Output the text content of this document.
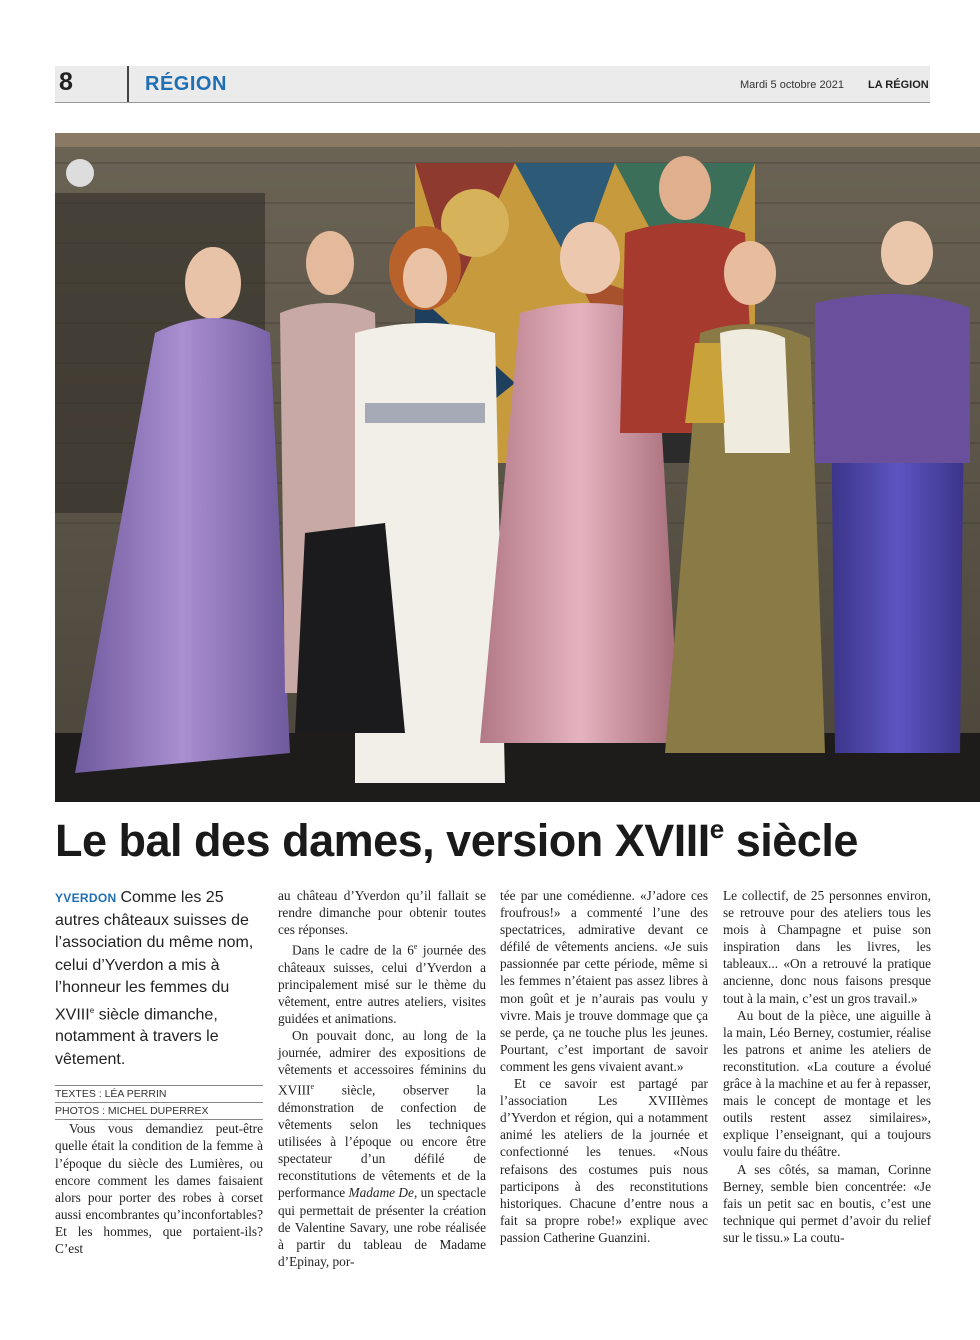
8	RÉGION	Mardi 5 octobre 2021 LA RÉGION
Le bal des dames, version XVIIIe siècle

YVERDON Comme les 25 autres châteaux suisses de l’association du même nom, celui d’Yverdon a mis à l’honneur les femmes du XVIIIe siècle dimanche, notamment à travers le vêtement.

TEXTES : LÉA PERRIN
PHOTOS : MICHEL DUPERREX

Vous vous demandiez peut-être quelle était la condition de la femme à l’époque du siècle des Lumières, ou encore comment les dames faisaient alors pour porter des robes à corset aussi encombrantes qu’inconfortables? Et les hommes, que portaient-ils? C’est

au château d’Yverdon qu’il fallait se rendre dimanche pour obtenir toutes ces réponses.

Dans le cadre de la 6e journée des châteaux suisses, celui d’Yverdon a principalement misé sur le thème du vêtement, entre autres ateliers, visites guidées et animations.

On pouvait donc, au long de la journée, admirer des expositions de vêtements et accessoires féminins du XVIIIe siècle, observer la démonstration de confection de vêtements selon les techniques utilisées à l’époque ou encore être spectateur d’un défilé de reconstitutions de vêtements et de la performance Madame De, un spectacle qui permettait de présenter la création de Valentine Savary, une robe réalisée à partir du tableau de Madame d’Epinay, por-

tée par une comédienne. «J’adore ces froufrous!» a commenté l’une des spectatrices, admirative devant ce défilé de vêtements anciens. «Je suis passionnée par cette période, même si les femmes n’étaient pas assez libres à mon goût et je n’aurais pas voulu y vivre. Mais je trouve dommage que ça se perde, ça ne touche plus les jeunes. Pourtant, c’est important de savoir comment les gens vivaient avant.»

Et ce savoir est partagé par l’association Les XVIIIèmes d’Yverdon et région, qui a notamment animé les ateliers de la journée et confectionné les tenues. «Nous refaisons des costumes puis nous participons à des reconstitutions historiques. Chacune d’entre nous a fait sa propre robe!» explique avec passion Catherine Guanzini.

Le collectif, de 25 personnes environ, se retrouve pour des ateliers tous les mois à Champagne et puise son inspiration dans les livres, les tableaux... «On a retrouvé la pratique ancienne, donc nous faisons presque tout à la main, c’est un gros travail.»

Au bout de la pièce, une aiguille à la main, Léo Berney, costumier, réalise les patrons et anime les ateliers de reconstitution. «La couture a évolué grâce à la machine et au fer à repasser, mais le concept de montage et les outils restent assez similaires», explique l’enseignant, qui a toujours voulu faire du théâtre.

A ses côtés, sa maman, Corinne Berney, semble bien concentrée: «Je fais un petit sac en boutis, c’est une technique qui permet d’avoir du relief sur le tissu.» La coutu-
